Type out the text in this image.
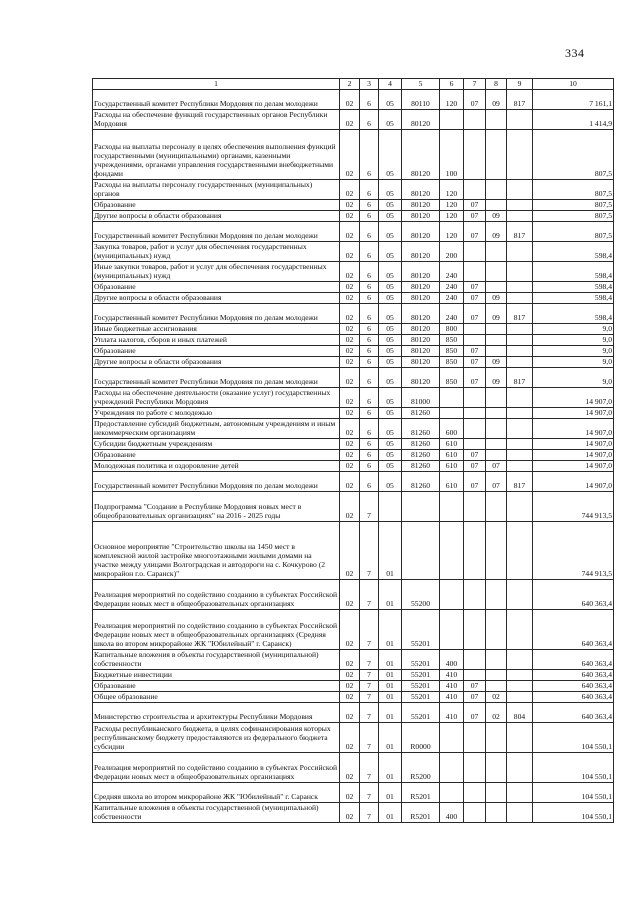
334
1	2	3	4	5	6	7	8	9	10
Государственный комитет Республики Мордовия по делам молодежи	02	6	05	80110	120	07	09	817	7 161,1
Расходы на обеспечение функций государственных органов Республики Мордовия	02	6	05	80120					1 414,9
Расходы на выплаты персоналу в целях обеспечения выполнения функций государственными (муниципальными) органами, казенными учреждениями, органами управления государственными внебюджетными фондами	02	6	05	80120	100				807,5
Расходы на выплаты персоналу государственных (муниципальных) органов	02	6	05	80120	120				807,5
Образование	02	6	05	80120	120	07			807,5
Другие вопросы в области образования	02	6	05	80120	120	07	09		807,5
Государственный комитет Республики Мордовия по делам молодежи	02	6	05	80120	120	07	09	817	807,5
Закупка товаров, работ и услуг для обеспечения государственных (муниципальных) нужд	02	6	05	80120	200				598,4
Иные закупки товаров, работ и услуг для обеспечения государственных (муниципальных) нужд	02	6	05	80120	240				598,4
Образование	02	6	05	80120	240	07			598,4
Другие вопросы в области образования	02	6	05	80120	240	07	09		598,4
Государственный комитет Республики Мордовия по делам молодежи	02	6	05	80120	240	07	09	817	598,4
Иные бюджетные ассигнования	02	6	05	80120	800				9,0
Уплата налогов, сборов и иных платежей	02	6	05	80120	850				9,0
Образование	02	6	05	80120	850	07			9,0
Другие вопросы в области образования	02	6	05	80120	850	07	09		9,0
Государственный комитет Республики Мордовия по делам молодежи	02	6	05	80120	850	07	09	817	9,0
Расходы на обеспечение деятельности (оказание услуг) государственных учреждений Республики Мордовия	02	6	05	81000					14 907,0
Учреждения по работе с молодежью	02	6	05	81260					14 907,0
Предоставление субсидий бюджетным, автономным учреждениям и иным некоммерческим организациям	02	6	05	81260	600				14 907,0
Субсидии бюджетным учреждениям	02	6	05	81260	610				14 907,0
Образование	02	6	05	81260	610	07			14 907,0
Молодежная политика и оздоровление детей	02	6	05	81260	610	07	07		14 907,0
Государственный комитет Республики Мордовия по делам молодежи	02	6	05	81260	610	07	07	817	14 907,0
Подпрограмма "Создание в Республике Мордовия новых мест в общеобразовательных организациях" на 2016 - 2025 годы	02	7							744 913,5
Основное мероприятие "Строительство школы на 1450 мест в комплексной жилой застройке многоэтажными жилыми домами на участке между улицами Волгоградская и автодороги на с. Кочкурово (2 микрорайон г.о. Саранск)"	02	7	01						744 913,5
Реализация мероприятий по содействию созданию в субъектах Российской Федерации новых мест в общеобразовательных организациях	02	7	01	55200					640 363,4
Реализация мероприятий по содействию созданию в субъектах Российской Федерации новых мест в общеобразовательных организациях (Средняя школа во втором микрорайоне ЖК "Юбилейный" г. Саранск)	02	7	01	55201					640 363,4
Капитальные вложения в объекты государственной (муниципальной) собственности	02	7	01	55201	400				640 363,4
Бюджетные инвестиции	02	7	01	55201	410				640 363,4
Образование	02	7	01	55201	410	07			640 363,4
Общее образование	02	7	01	55201	410	07	02		640 363,4
Министерство строительства и архитектуры Республики Мордовия	02	7	01	55201	410	07	02	804	640 363,4
Расходы республиканского бюджета, в целях софинансирования которых республиканскому бюджету предоставляются из федерального бюджета субсидии	02	7	01	R0000					104 550,1
Реализация мероприятий по содействию созданию в субъектах Российской Федерации новых мест в общеобразовательных организациях	02	7	01	R5200					104 550,1
Средняя школа во втором микрорайоне ЖК "Юбилейный" г. Саранск	02	7	01	R5201					104 550,1
Капитальные вложения в объекты государственной (муниципальной) собственности	02	7	01	R5201	400				104 550,1
